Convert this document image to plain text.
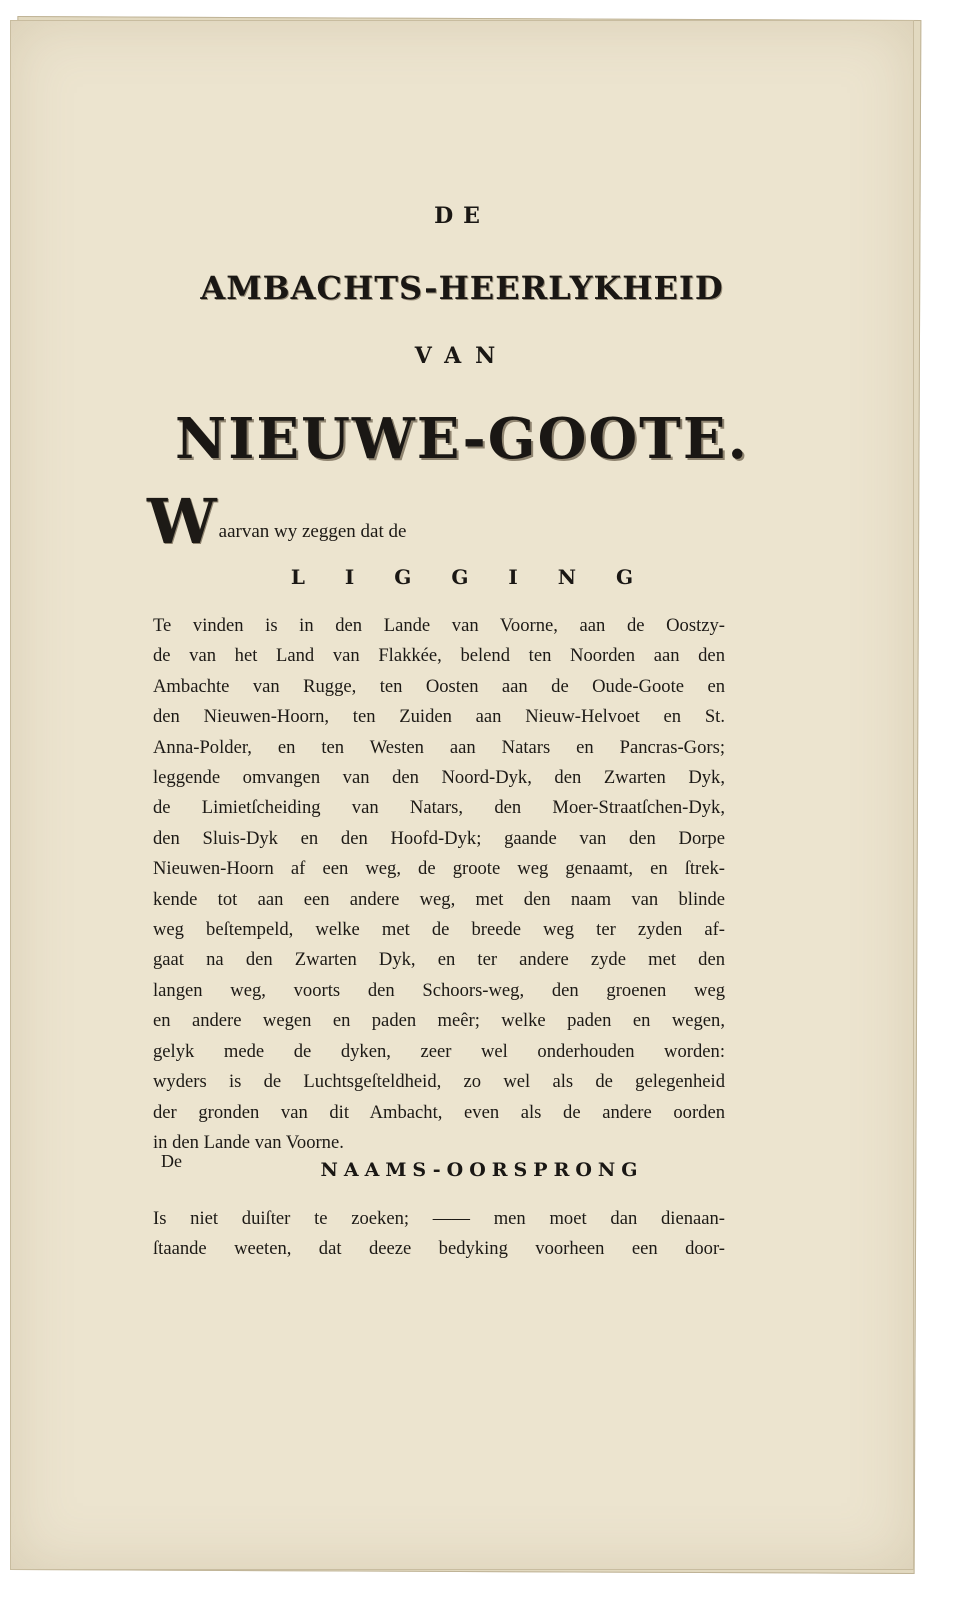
DE
AMBACHTS-HEERLYKHEID
VAN
NIEUWE-GOOTE.
Waarvan wy zeggen dat de
LIGGING
Te vinden is in den Lande van Voorne, aan de Oostzy-
de van het Land van Flakkée, belend ten Noorden aan den
Ambachte van Rugge, ten Oosten aan de Oude-Goote en
den Nieuwen-Hoorn, ten Zuiden aan Nieuw-Helvoet en St.
Anna-Polder, en ten Westen aan Natars en Pancras-Gors;
leggende omvangen van den Noord-Dyk, den Zwarten Dyk,
de Limietſcheiding van Natars, den Moer-Straatſchen-Dyk,
den Sluis-Dyk en den Hoofd-Dyk; gaande van den Dorpe
Nieuwen-Hoorn af een weg, de groote weg genaamt, en ſtrek-
kende tot aan een andere weg, met den naam van blinde
weg beſtempeld, welke met de breede weg ter zyden af-
gaat na den Zwarten Dyk, en ter andere zyde met den
langen weg, voorts den Schoors-weg, den groenen weg
en andere wegen en paden meêr; welke paden en wegen,
gelyk mede de dyken, zeer wel onderhouden worden:
wyders is de Luchtsgeſteldheid, zo wel als de gelegenheid
der gronden van dit Ambacht, even als de andere oorden
in den Lande van Voorne.
De	NAAMS-OORSPRONG
Is niet duiſter te zoeken; —— men moet dan dienaan-
ſtaande weeten, dat deeze bedyking voorheen een door-
